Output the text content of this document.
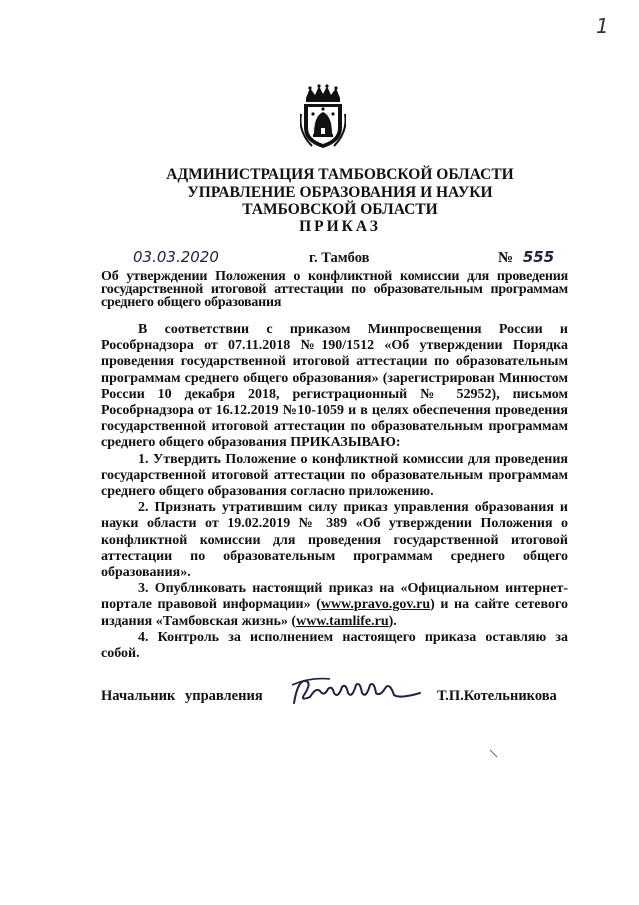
1
АДМИНИСТРАЦИЯ ТАМБОВСКОЙ ОБЛАСТИ
УПРАВЛЕНИЕ ОБРАЗОВАНИЯ И НАУКИ
ТАМБОВСКОЙ ОБЛАСТИ
ПРИКАЗ
03.03.2020	г. Тамбов	№ 555
Об утверждении Положения о конфликтной комиссии для проведения государственной итоговой аттестации по образовательным программам среднего общего образования

В соответствии с приказом Минпросвещения России и Рособрнадзора от 07.11.2018 №190/1512 «Об утверждении Порядка проведения государственной итоговой аттестации по образовательным программам среднего общего образования» (зарегистрирован Минюстом России 10 декабря 2018, регистрационный № 52952), письмом Рособрнадзора от 16.12.2019 №10-1059 и в целях обеспечения проведения государственной итоговой аттестации по образовательным программам среднего общего образования ПРИКАЗЫВАЮ:

1. Утвердить Положение о конфликтной комиссии для проведения государственной итоговой аттестации по образовательным программам среднего общего образования согласно приложению.

2. Признать утратившим силу приказ управления образования и науки области от 19.02.2019 № 389 «Об утверждении Положения о конфликтной комиссии для проведения государственной итоговой аттестации по образовательным программам среднего общего образования».

3. Опубликовать настоящий приказ на «Официальном интернет-портале правовой информации» (www.pravo.gov.ru) и на сайте сетевого издания «Тамбовская жизнь» (www.tamlife.ru).

4. Контроль за исполнением настоящего приказа оставляю за собой.

Начальник управления	Т.П.Котельникова
